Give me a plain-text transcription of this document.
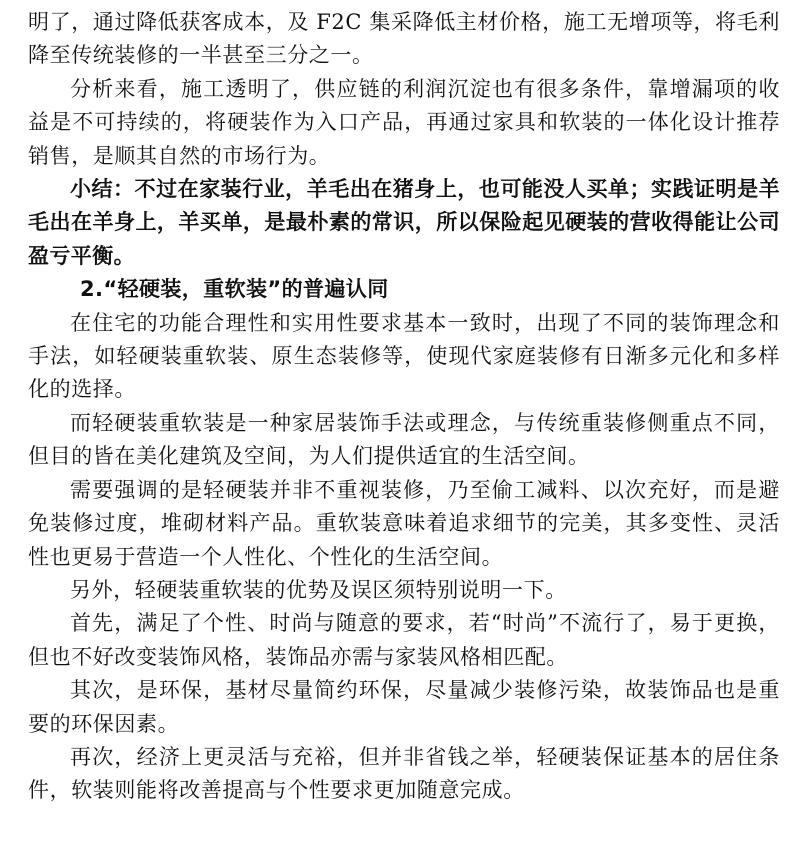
明了，通过降低获客成本，及 F2C 集采降低主材价格，施工无增项等，将毛利降至传统装修的一半甚至三分之一。

分析来看，施工透明了，供应链的利润沉淀也有很多条件，靠增漏项的收益是不可持续的，将硬装作为入口产品，再通过家具和软装的一体化设计推荐销售，是顺其自然的市场行为。

小结：不过在家装行业，羊毛出在猪身上，也可能没人买单；实践证明是羊毛出在羊身上，羊买单，是最朴素的常识，所以保险起见硬装的营收得能让公司盈亏平衡。

2.“轻硬装，重软装”的普遍认同

在住宅的功能合理性和实用性要求基本一致时，出现了不同的装饰理念和手法，如轻硬装重软装、原生态装修等，使现代家庭装修有日渐多元化和多样化的选择。

而轻硬装重软装是一种家居装饰手法或理念，与传统重装修侧重点不同，但目的皆在美化建筑及空间，为人们提供适宜的生活空间。

需要强调的是轻硬装并非不重视装修，乃至偷工减料、以次充好，而是避免装修过度，堆砌材料产品。重软装意味着追求细节的完美，其多变性、灵活性也更易于营造一个人性化、个性化的生活空间。

另外，轻硬装重软装的优势及误区须特别说明一下。

首先，满足了个性、时尚与随意的要求，若“时尚”不流行了，易于更换，但也不好改变装饰风格，装饰品亦需与家装风格相匹配。

其次，是环保，基材尽量简约环保，尽量减少装修污染，故装饰品也是重要的环保因素。

再次，经济上更灵活与充裕，但并非省钱之举，轻硬装保证基本的居住条件，软装则能将改善提高与个性要求更加随意完成。
